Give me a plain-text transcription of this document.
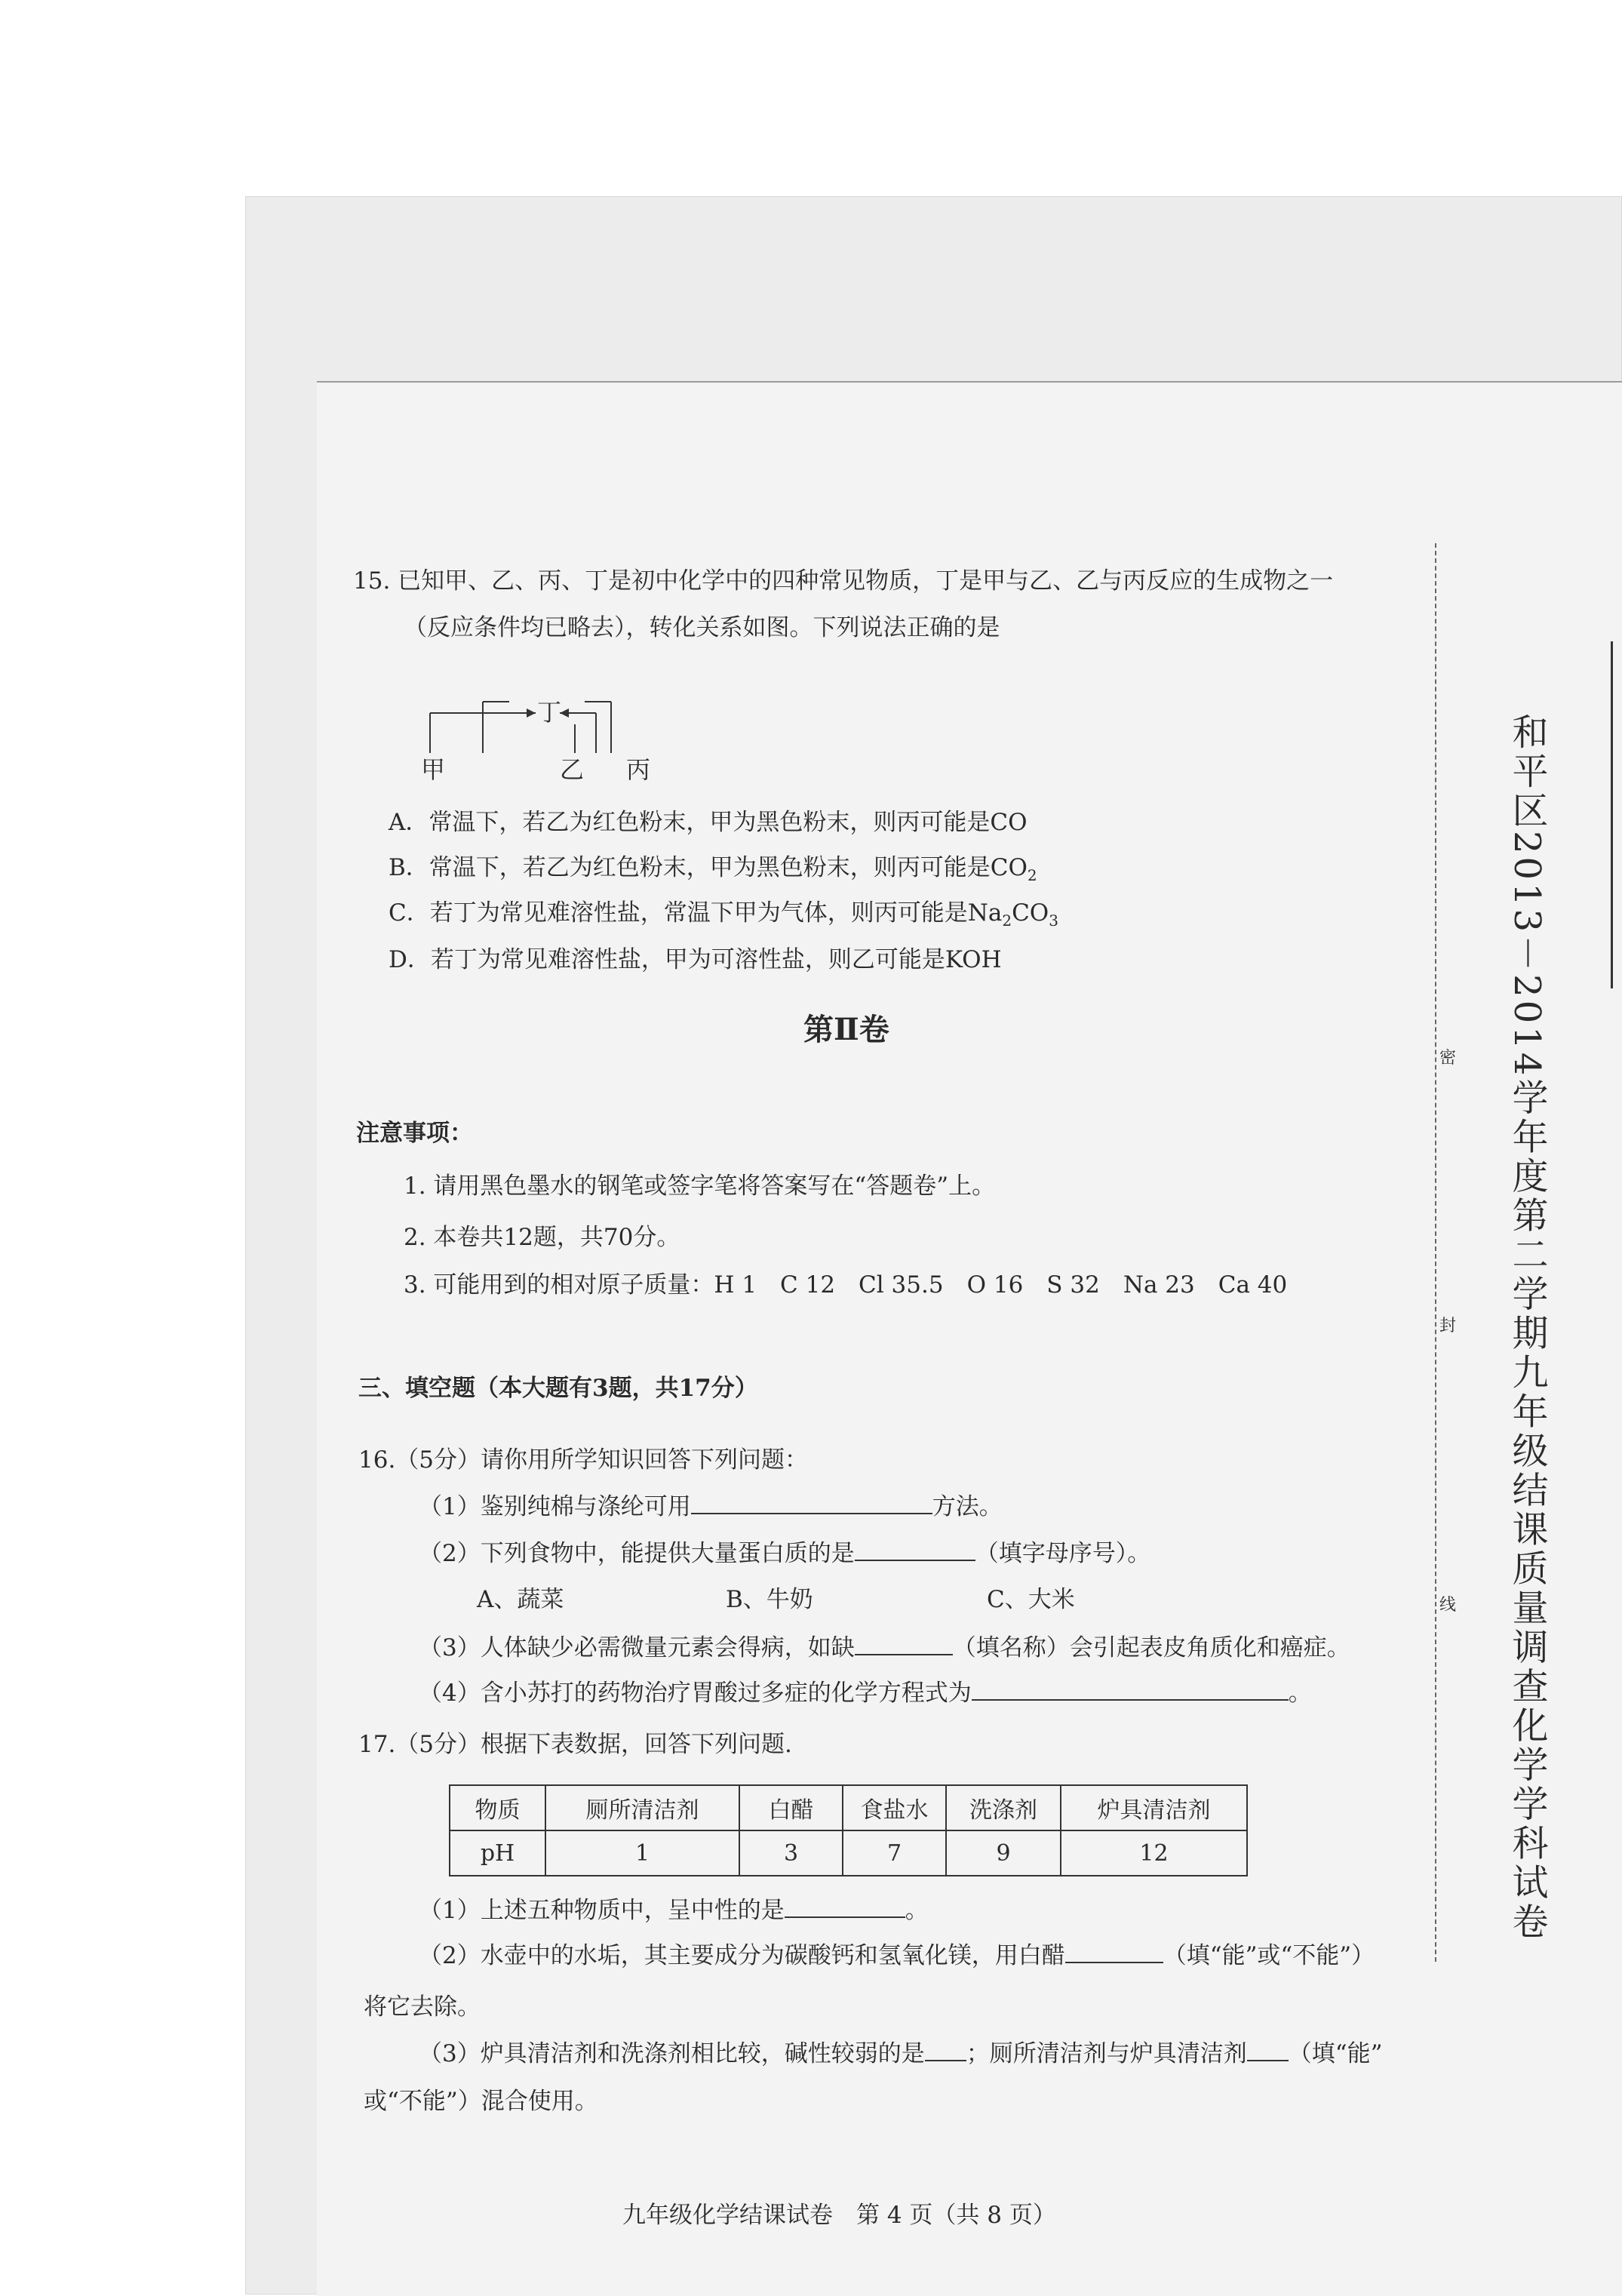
15. 已知甲、乙、丙、丁是初中化学中的四种常见物质，丁是甲与乙、乙与丙反应的生成物之一
（反应条件均已略去），转化关系如图。下列说法正确的是
丁
甲	乙 丙
A．常温下，若乙为红色粉末，甲为黑色粉末，则丙可能是CO
B．常温下，若乙为红色粉末，甲为黑色粉末，则丙可能是$CO_2$
C．若丁为常见难溶性盐，常温下甲为气体，则丙可能是$Na_2CO_3$
D．若丁为常见难溶性盐，甲为可溶性盐，则乙可能是KOH
第Ⅱ卷
注意事项：
1. 请用黑色墨水的钢笔或签字笔将答案写在“答题卷”上。
2. 本卷共12题，共70分。
3. 可能用到的相对原子质量：H 1　C 12　Cl 35.5　O 16　S 32　Na 23　Ca 40
三、填空题（本大题有3题，共17分）
16.（5分）请你用所学知识回答下列问题：
（1）鉴别纯棉与涤纶可用	方法。
（2）下列食物中，能提供大量蛋白质的是	（填字母序号）。
A、蔬菜	B、牛奶	C、大米
（3）人体缺少必需微量元素会得病，如缺	（填名称）会引起表皮角质化和癌症。
（4）含小苏打的药物治疗胃酸过多症的化学方程式为	。
17.（5分）根据下表数据，回答下列问题.
物质	厕所清洁剂	白醋	食盐水	洗涤剂	炉具清洁剂
pH	1	3	7	9	12
（1）上述五种物质中，呈中性的是	。
（2）水壶中的水垢，其主要成分为碳酸钙和氢氧化镁，用白醋	（填“能”或“不能”）
将它去除。
（3）炉具清洁剂和洗涤剂相比较，碱性较弱的是 ；厕所清洁剂与炉具清洁剂 （填“能”
或“不能”）混合使用。
密
封
线 和平区2013－2014学年度第二学期九年级结课质量调查化学学科试卷
九年级化学结课试卷　第 4 页（共 8 页）
